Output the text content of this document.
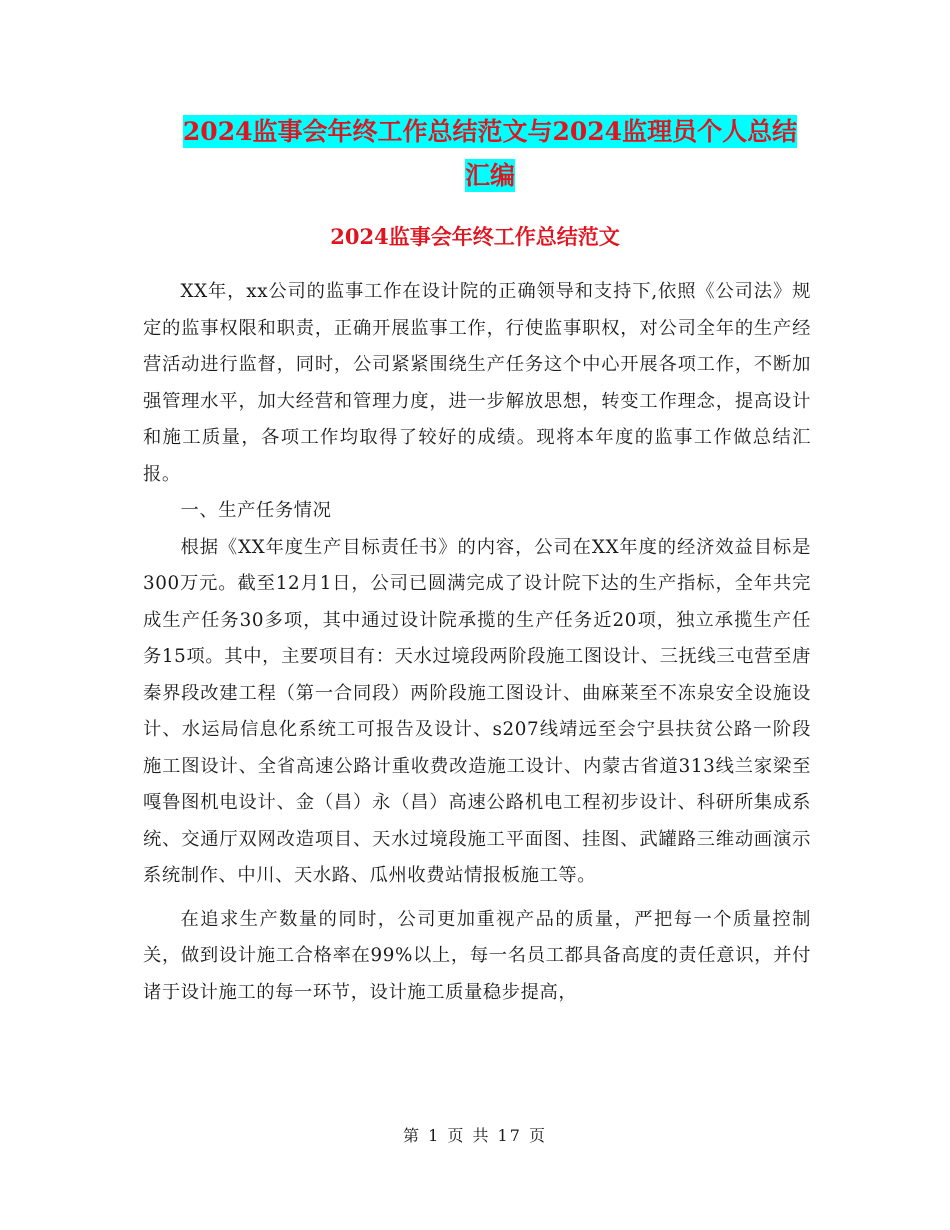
2024监事会年终工作总结范文与2024监理员个人总结
汇编
2024监事会年终工作总结范文

XX年，xx公司的监事工作在设计院的正确领导和支持下,依照《公司法》规定的监事权限和职责，正确开展监事工作，行使监事职权，对公司全年的生产经营活动进行监督，同时，公司紧紧围绕生产任务这个中心开展各项工作，不断加强管理水平，加大经营和管理力度，进一步解放思想，转变工作理念，提高设计和施工质量，各项工作均取得了较好的成绩。现将本年度的监事工作做总结汇报。

一、生产任务情况

根据《XX年度生产目标责任书》的内容，公司在XX年度的经济效益目标是300万元。截至12月1日，公司已圆满完成了设计院下达的生产指标，全年共完成生产任务30多项，其中通过设计院承揽的生产任务近20项，独立承揽生产任务15项。其中，主要项目有：天水过境段两阶段施工图设计、三抚线三屯营至唐秦界段改建工程（第一合同段）两阶段施工图设计、曲麻莱至不冻泉安全设施设计、水运局信息化系统工可报告及设计、s207线靖远至会宁县扶贫公路一阶段施工图设计、全省高速公路计重收费改造施工设计、内蒙古省道313线兰家梁至嘎鲁图机电设计、金（昌）永（昌）高速公路机电工程初步设计、科研所集成系统、交通厅双网改造项目、天水过境段施工平面图、挂图、武罐路三维动画演示系统制作、中川、天水路、瓜州收费站情报板施工等。

在追求生产数量的同时，公司更加重视产品的质量，严把每一个质量控制关，做到设计施工合格率在99%以上，每一名员工都具备高度的责任意识，并付诸于设计施工的每一环节，设计施工质量稳步提高，

第 1 页 共 17 页
